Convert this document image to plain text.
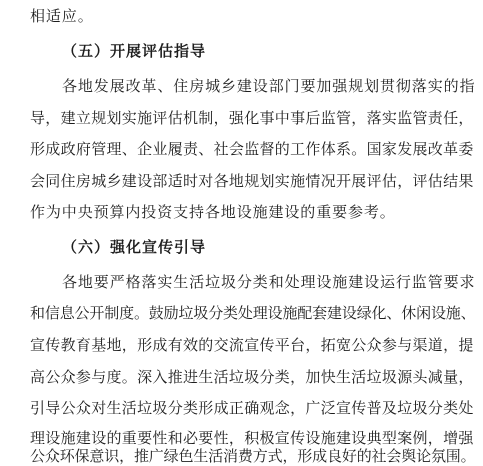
相适应。
（五）开展评估指导
各地发展改革、住房城乡建设部门要加强规划贯彻落实的指
导，建立规划实施评估机制，强化事中事后监管，落实监管责任，
形成政府管理、企业履责、社会监督的工作体系。国家发展改革委
会同住房城乡建设部适时对各地规划实施情况开展评估，评估结果
作为中央预算内投资支持各地设施建设的重要参考。
（六）强化宣传引导
各地要严格落实生活垃圾分类和处理设施建设运行监管要求
和信息公开制度。鼓励垃圾分类处理设施配套建设绿化、休闲设施、
宣传教育基地，形成有效的交流宣传平台，拓宽公众参与渠道，提
高公众参与度。深入推进生活垃圾分类，加快生活垃圾源头减量，
引导公众对生活垃圾分类形成正确观念，广泛宣传普及垃圾分类处
理设施建设的重要性和必要性，积极宣传设施建设典型案例，增强
公众环保意识，推广绿色生活消费方式，形成良好的社会舆论氛围。
